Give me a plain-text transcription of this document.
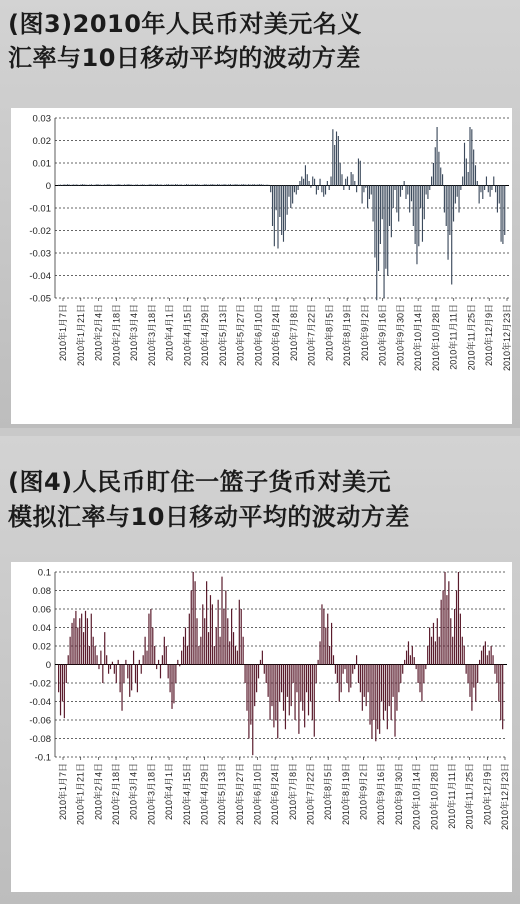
(图3)2010年人民币对美元名义
汇率与10日移动平均的波动方差
(图4)人民币盯住一篮子货币对美元
模拟汇率与10日移动平均的波动方差
0.03
0.02
0.01
0
-0.01
-0.02
-0.03
-0.04
-0.05
2010年1月7日 2010年1月21日 2010年2月4日 2010年2月18日 2010年3月4日 2010年3月18日 2010年4月1日 2010年4月15日 2010年4月29日 2010年5月13日 2010年5月27日 2010年6月10日 2010年6月24日 2010年7月8日 2010年7月22日 2010年8月5日 2010年8月19日 2010年9月2日 2010年9月16日 2010年9月30日 2010年10月14日 2010年10月28日 2010年11月11日 2010年11月25日 2010年12月9日 2010年12月23日
0.1
0.08
0.06
0.04
0.02
0
-0.02
-0.04
-0.06
-0.08
-0.1
2010年1月7日 2010年1月21日 2010年2月4日 2010年2月18日 2010年3月4日 2010年3月18日 2010年4月1日 2010年4月15日 2010年4月29日 2010年5月13日 2010年5月27日 2010年6月10日 2010年6月24日 2010年7月8日 2010年7月22日 2010年8月5日 2010年8月19日 2010年9月2日 2010年9月16日 2010年9月30日 2010年10月14日 2010年10月28日 2010年11月11日 2010年11月25日 2010年12月9日 2010年12月23日
